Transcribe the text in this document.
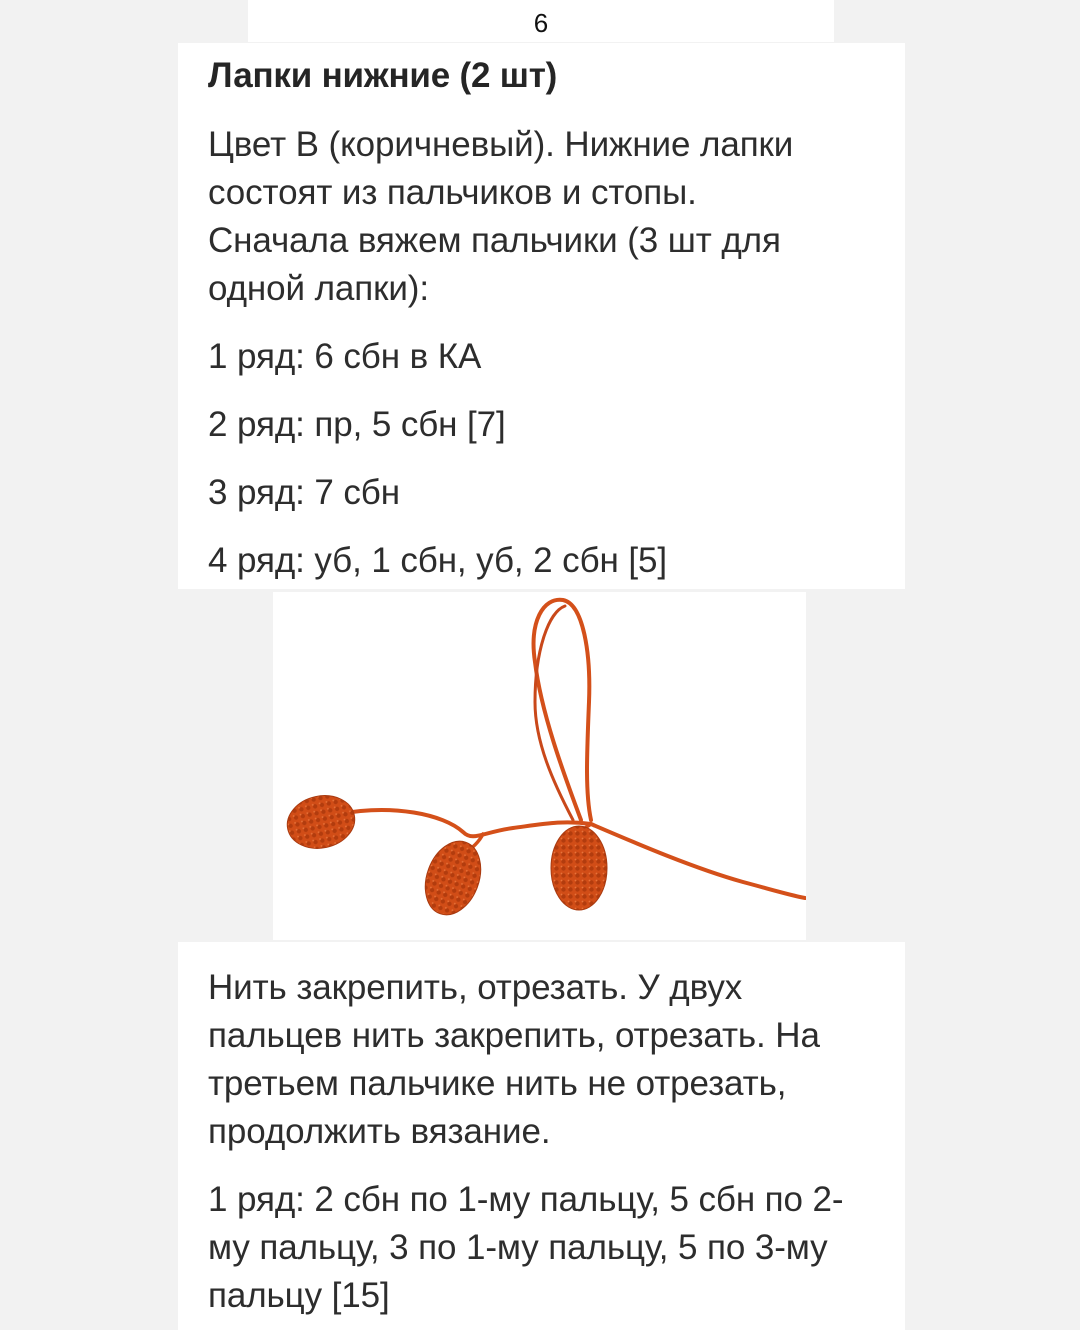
6
Лапки нижние (2 шт)

Цвет В (коричневый). Нижние лапки

состоят из пальчиков и стопы.

Сначала вяжем пальчики (3 шт для

одной лапки):

1 ряд: 6 сбн в КА

2 ряд: пр, 5 сбн [7]

3 ряд: 7 сбн

4 ряд: уб, 1 сбн, уб, 2 сбн [5]

Нить закрепить, отрезать. У двух

пальцев нить закрепить, отрезать. На

третьем пальчике нить не отрезать,

продолжить вязание.

1 ряд: 2 сбн по 1-му пальцу, 5 сбн по 2-

му пальцу, 3 по 1-му пальцу, 5 по 3-му

пальцу [15]
